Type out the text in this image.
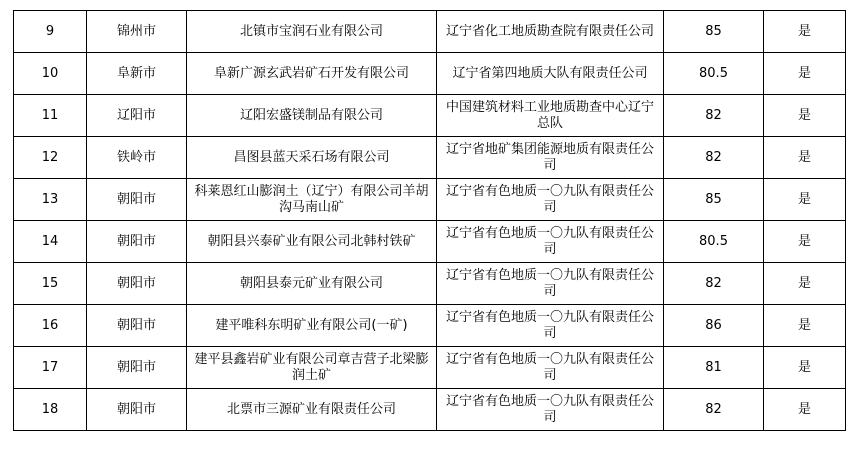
9	锦州市	北镇市宝润石业有限公司	辽宁省化工地质勘查院有限责任公司	85	是
10	阜新市	阜新广源玄武岩矿石开发有限公司	辽宁省第四地质大队有限责任公司	80.5	是
11	辽阳市	辽阳宏盛镁制品有限公司	中国建筑材料工业地质勘查中心辽宁总队	82	是
12	铁岭市	昌图县蓝天采石场有限公司	辽宁省地矿集团能源地质有限责任公司	82	是
13	朝阳市	科莱恩红山膨润土（辽宁）有限公司羊胡沟马南山矿	辽宁省有色地质一〇九队有限责任公司	85	是
14	朝阳市	朝阳县兴泰矿业有限公司北韩村铁矿	辽宁省有色地质一〇九队有限责任公司	80.5	是
15	朝阳市	朝阳县泰元矿业有限公司	辽宁省有色地质一〇九队有限责任公司	82	是
16	朝阳市	建平唯科东明矿业有限公司(一矿)	辽宁省有色地质一〇九队有限责任公司	86	是
17	朝阳市	建平县鑫岩矿业有限公司章吉营子北梁膨润土矿	辽宁省有色地质一〇九队有限责任公司	81	是
18	朝阳市	北票市三源矿业有限责任公司	辽宁省有色地质一〇九队有限责任公司	82	是
